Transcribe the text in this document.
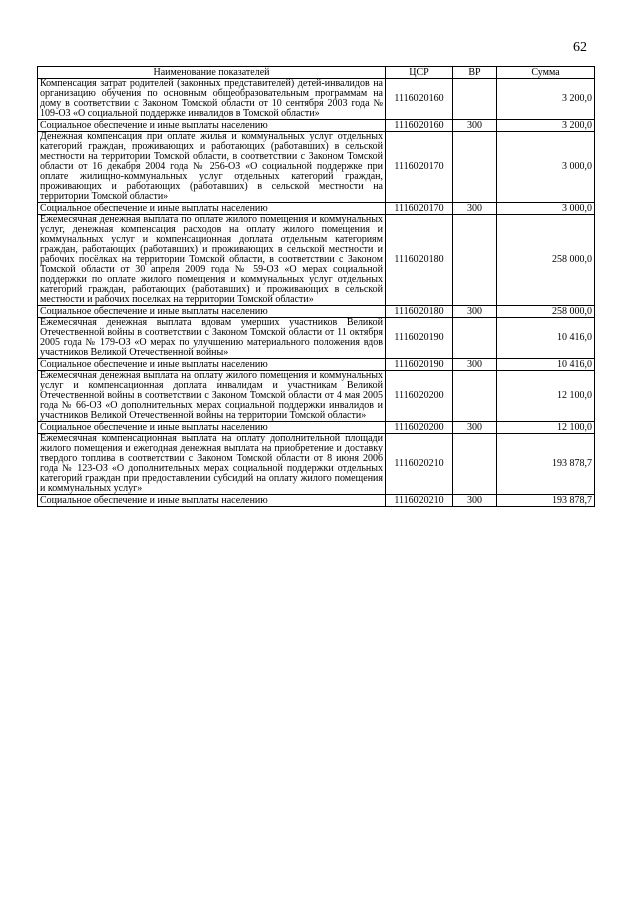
62
Наименование показателей	ЦСР	ВР	Сумма
Компенсация затрат родителей (законных представителей) детей-инвалидов на организацию обучения по основным общеобразовательным программам на дому в соответствии с Законом Томской области от 10 сентября 2003 года № 109-ОЗ «О социальной поддержке инвалидов в Томской области»	1116020160		3 200,0
Социальное обеспечение и иные выплаты населению	1116020160	300	3 200,0
Денежная компенсация при оплате жилья и коммунальных услуг отдельных категорий граждан, проживающих и работающих (работавших) в сельской местности на территории Томской области, в соответствии с Законом Томской области от 16 декабря 2004 года № 256-ОЗ «О социальной поддержке при оплате жилищно-коммунальных услуг отдельных категорий граждан, проживающих и работающих (работавших) в сельской местности на территории Томской области»	1116020170		3 000,0
Социальное обеспечение и иные выплаты населению	1116020170	300	3 000,0
Ежемесячная денежная выплата по оплате жилого помещения и коммунальных услуг, денежная компенсация расходов на оплату жилого помещения и коммунальных услуг и компенсационная доплата отдельным категориям граждан, работающих (работавших) и проживающих в сельской местности и рабочих посёлках на территории Томской области, в соответствии с Законом Томской области от 30 апреля 2009 года № 59-ОЗ «О мерах социальной поддержки по оплате жилого помещения и коммунальных услуг отдельных категорий граждан, работающих (работавших) и проживающих в сельской местности и рабочих поселках на территории Томской области»	1116020180		258 000,0
Социальное обеспечение и иные выплаты населению	1116020180	300	258 000,0
Ежемесячная денежная выплата вдовам умерших участников Великой Отечественной войны в соответствии с Законом Томской области от 11 октября 2005 года № 179-ОЗ «О мерах по улучшению материального положения вдов участников Великой Отечественной войны»	1116020190		10 416,0
Социальное обеспечение и иные выплаты населению	1116020190	300	10 416,0
Ежемесячная денежная выплата на оплату жилого помещения и коммунальных услуг и компенсационная доплата инвалидам и участникам Великой Отечественной войны в соответствии с Законом Томской области от 4 мая 2005 года № 66-ОЗ «О дополнительных мерах социальной поддержки инвалидов и участников Великой Отечественной войны на территории Томской области»	1116020200		12 100,0
Социальное обеспечение и иные выплаты населению	1116020200	300	12 100,0
Ежемесячная компенсационная выплата на оплату дополнительной площади жилого помещения и ежегодная денежная выплата на приобретение и доставку твердого топлива в соответствии с Законом Томской области от 8 июня 2006 года № 123-ОЗ «О дополнительных мерах социальной поддержки отдельных категорий граждан при предоставлении субсидий на оплату жилого помещения и коммунальных услуг»	1116020210		193 878,7
Социальное обеспечение и иные выплаты населению	1116020210	300	193 878,7
